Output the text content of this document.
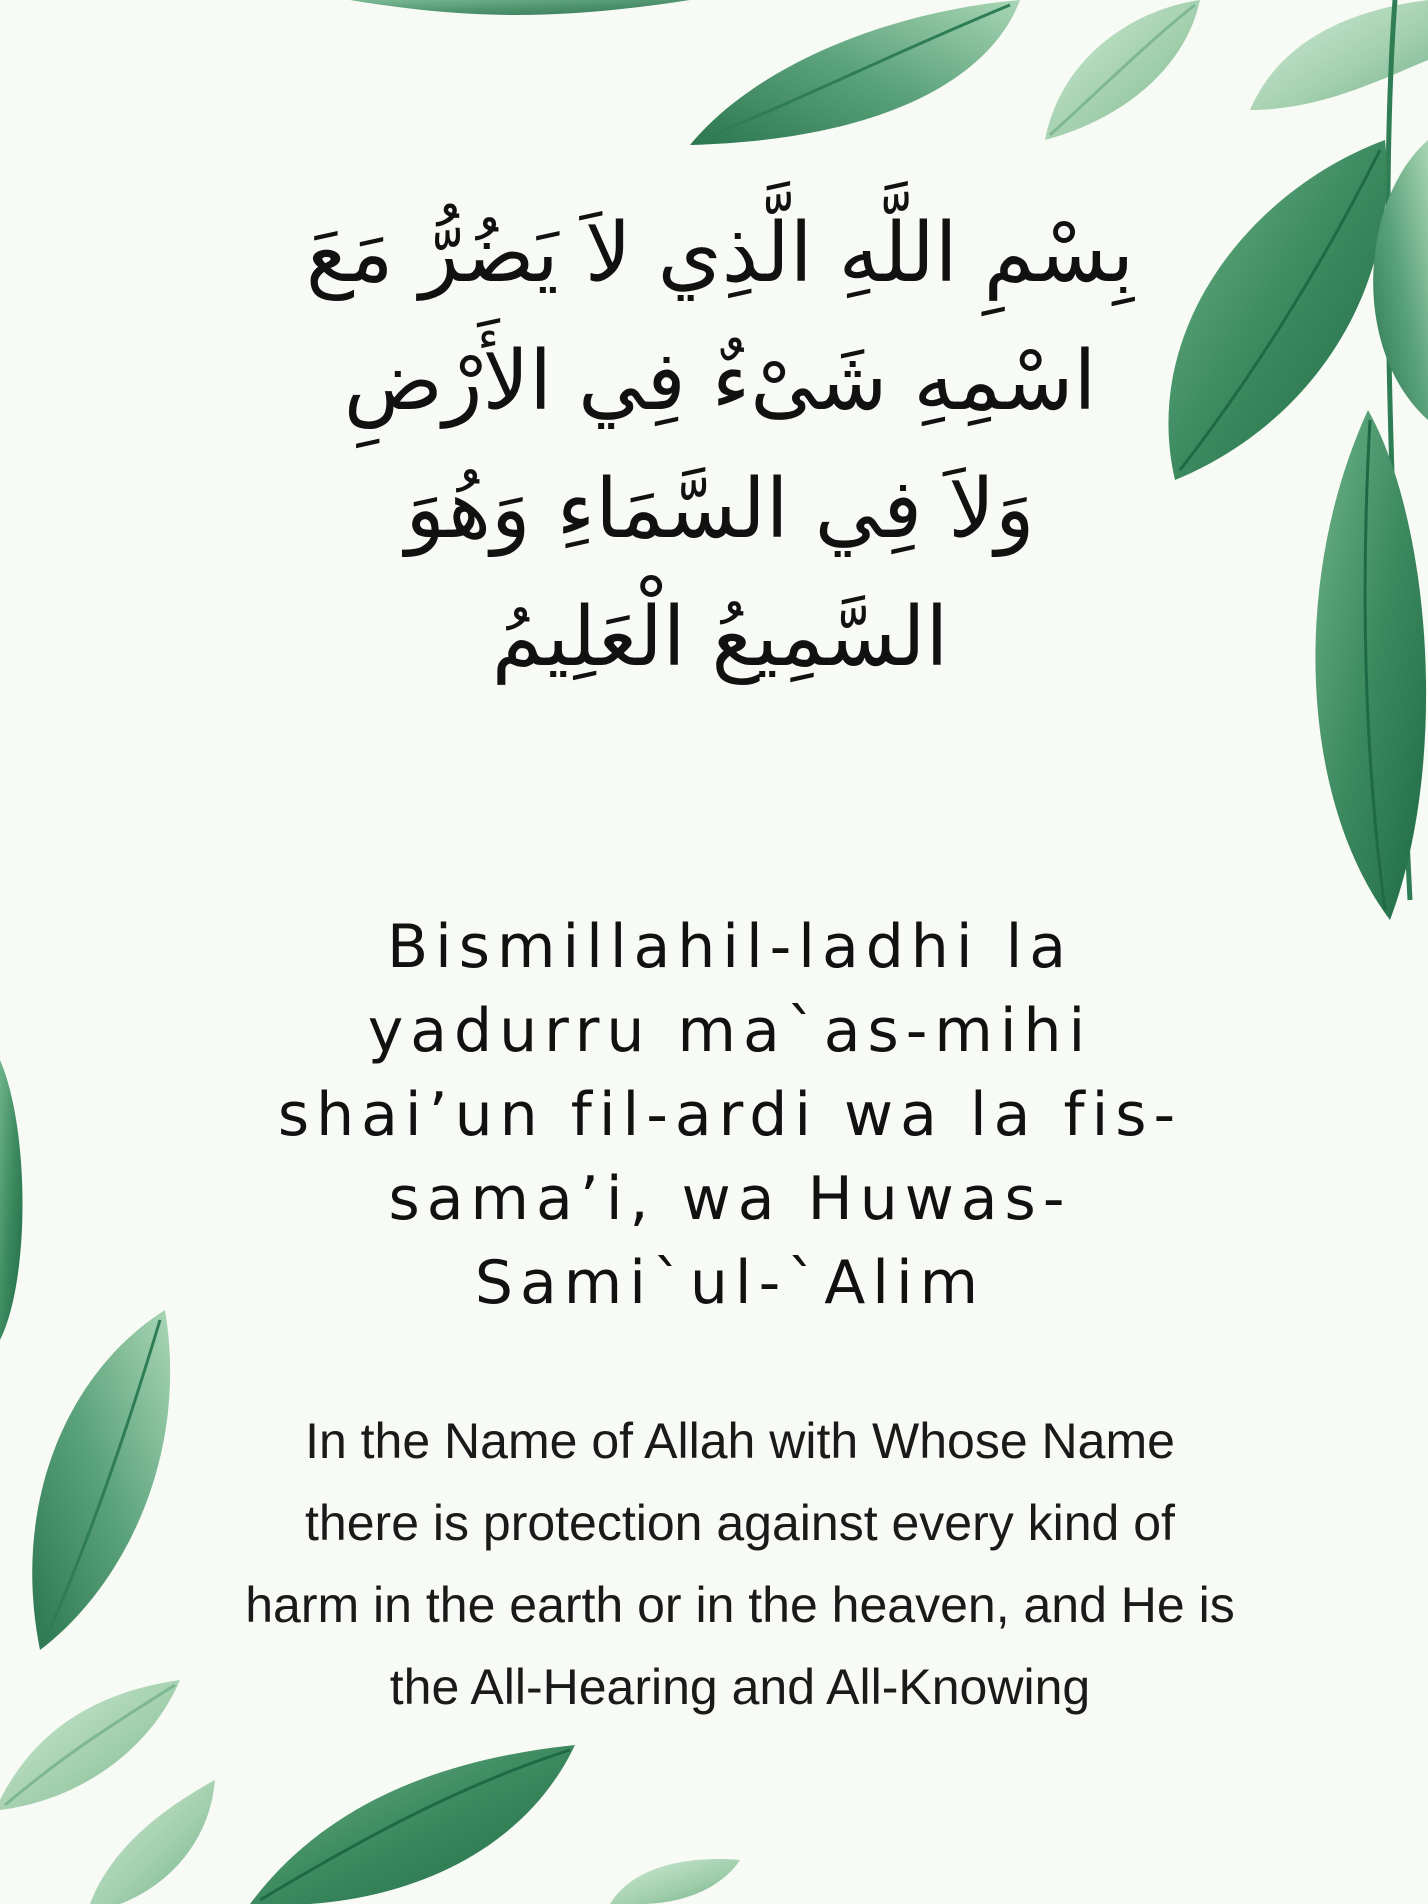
بِسْمِ اللَّهِ الَّذِي لاَ يَضُرُّ مَعَ
اسْمِهِ شَىْءٌ فِي الأَرْضِ
وَلاَ فِي السَّمَاءِ وَهُوَ
السَّمِيعُ الْعَلِيمُ
Bismillahil-ladhi la
yadurru ma`as-mihi
shai’un fil-ardi wa la fis-
sama’i, wa Huwas-
Sami`ul-`Alim
In the Name of Allah with Whose Name
there is protection against every kind of
harm in the earth or in the heaven, and He is
the All-Hearing and All-Knowing
